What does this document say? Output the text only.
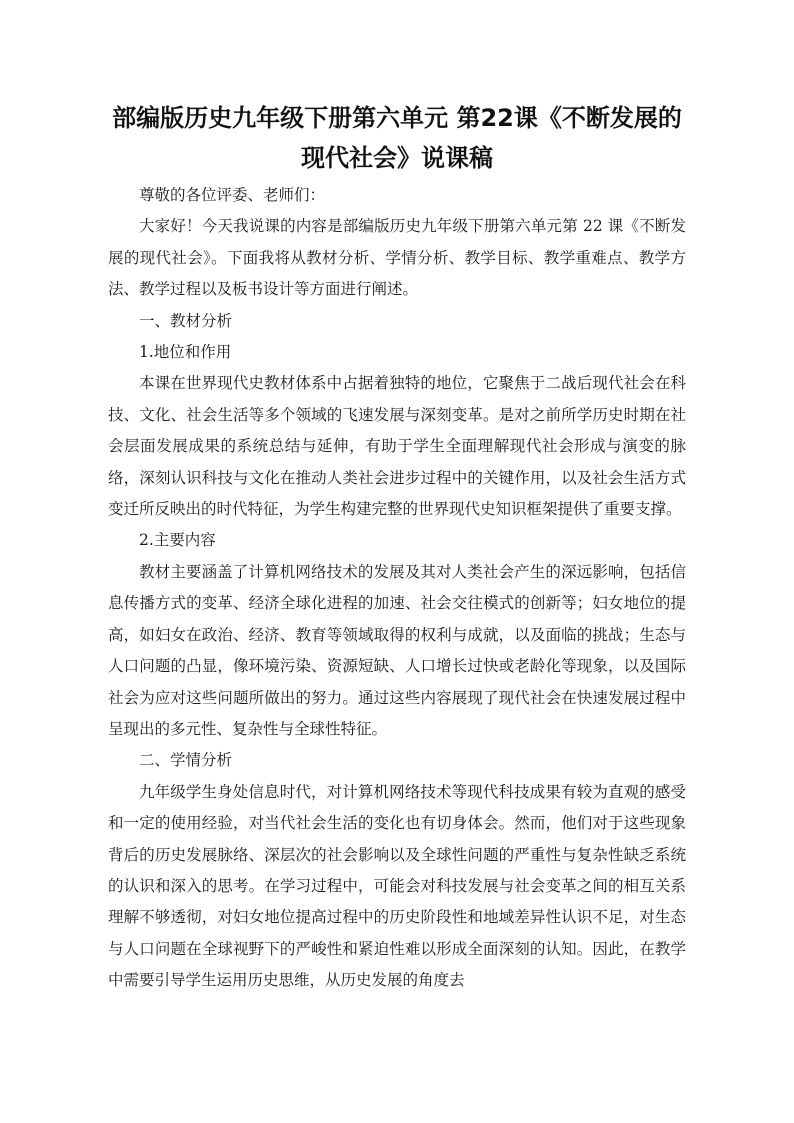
部编版历史九年级下册第六单元 第22课《不断发展的现代社会》说课稿

尊敬的各位评委、老师们：

大家好！今天我说课的内容是部编版历史九年级下册第六单元第 22 课《不断发展的现代社会》。下面我将从教材分析、学情分析、教学目标、教学重难点、教学方法、教学过程以及板书设计等方面进行阐述。

一、教材分析

1.地位和作用

本课在世界现代史教材体系中占据着独特的地位，它聚焦于二战后现代社会在科技、文化、社会生活等多个领域的飞速发展与深刻变革。是对之前所学历史时期在社会层面发展成果的系统总结与延伸，有助于学生全面理解现代社会形成与演变的脉络，深刻认识科技与文化在推动人类社会进步过程中的关键作用，以及社会生活方式变迁所反映出的时代特征，为学生构建完整的世界现代史知识框架提供了重要支撑。

2.主要内容

教材主要涵盖了计算机网络技术的发展及其对人类社会产生的深远影响，包括信息传播方式的变革、经济全球化进程的加速、社会交往模式的创新等；妇女地位的提高，如妇女在政治、经济、教育等领域取得的权利与成就，以及面临的挑战；生态与人口问题的凸显，像环境污染、资源短缺、人口增长过快或老龄化等现象，以及国际社会为应对这些问题所做出的努力。通过这些内容展现了现代社会在快速发展过程中呈现出的多元性、复杂性与全球性特征。

二、学情分析

九年级学生身处信息时代，对计算机网络技术等现代科技成果有较为直观的感受和一定的使用经验，对当代社会生活的变化也有切身体会。然而，他们对于这些现象背后的历史发展脉络、深层次的社会影响以及全球性问题的严重性与复杂性缺乏系统的认识和深入的思考。在学习过程中，可能会对科技发展与社会变革之间的相互关系理解不够透彻，对妇女地位提高过程中的历史阶段性和地域差异性认识不足，对生态与人口问题在全球视野下的严峻性和紧迫性难以形成全面深刻的认知。因此，在教学中需要引导学生运用历史思维，从历史发展的角度去
